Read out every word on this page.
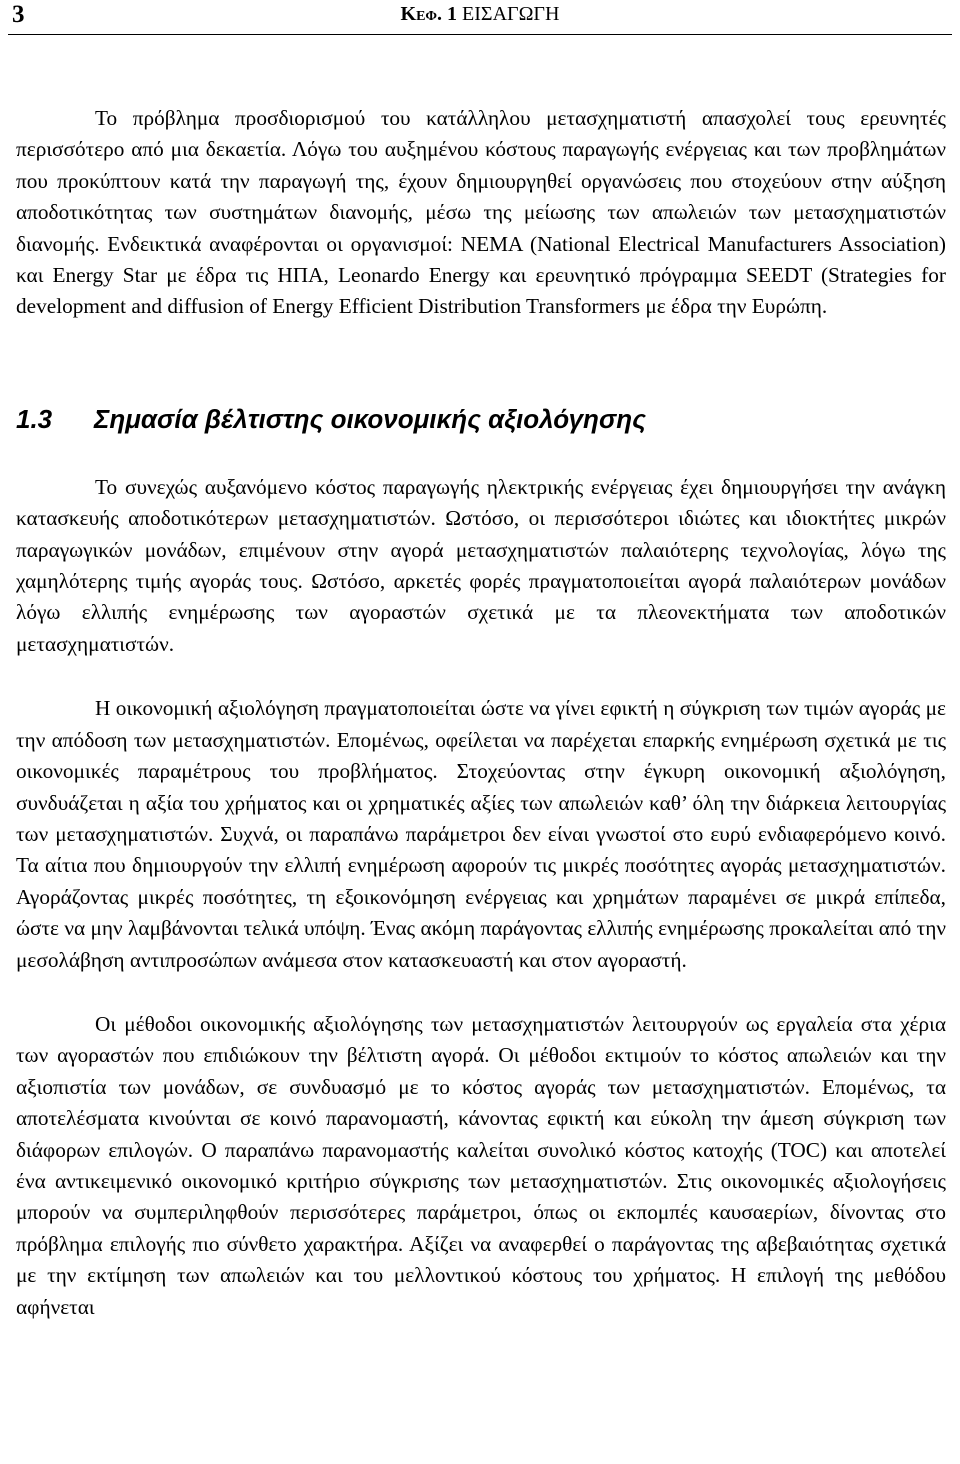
3	Κεφ. 1 ΕΙΣΑΓΩΓΗ

Το πρόβλημα προσδιορισμού του κατάλληλου μετασχηματιστή απασχολεί τους ερευνητές περισσότερο από μια δεκαετία. Λόγω του αυξημένου κόστους παραγωγής ενέργειας και των προβλημάτων που προκύπτουν κατά την παραγωγή της, έχουν δημιουργηθεί οργανώσεις που στοχεύουν στην αύξηση αποδοτικότητας των συστημάτων διανομής, μέσω της μείωσης των απωλειών των μετασχηματιστών διανομής. Ενδεικτικά αναφέρονται οι οργανισμοί: NEMA (National Electrical Manufacturers Association) και Energy Star με έδρα τις ΗΠΑ, Leonardo Energy και ερευνητικό πρόγραμμα SEEDT (Strategies for development and diffusion of Energy Efficient Distribution Transformers με έδρα την Ευρώπη.

1.3 Σημασία βέλτιστης οικονομικής αξιολόγησης

Το συνεχώς αυξανόμενο κόστος παραγωγής ηλεκτρικής ενέργειας έχει δημιουργήσει την ανάγκη κατασκευής αποδοτικότερων μετασχηματιστών. Ωστόσο, οι περισσότεροι ιδιώτες και ιδιοκτήτες μικρών παραγωγικών μονάδων, επιμένουν στην αγορά μετασχηματιστών παλαιότερης τεχνολογίας, λόγω της χαμηλότερης τιμής αγοράς τους. Ωστόσο, αρκετές φορές πραγματοποιείται αγορά παλαιότερων μονάδων λόγω ελλιπής ενημέρωσης των αγοραστών σχετικά με τα πλεονεκτήματα των αποδοτικών μετασχηματιστών.

Η οικονομική αξιολόγηση πραγματοποιείται ώστε να γίνει εφικτή η σύγκριση των τιμών αγοράς με την απόδοση των μετασχηματιστών. Επομένως, οφείλεται να παρέχεται επαρκής ενημέρωση σχετικά με τις οικονομικές παραμέτρους του προβλήματος. Στοχεύοντας στην έγκυρη οικονομική αξιολόγηση, συνδυάζεται η αξία του χρήματος και οι χρηματικές αξίες των απωλειών καθ’ όλη την διάρκεια λειτουργίας των μετασχηματιστών. Συχνά, οι παραπάνω παράμετροι δεν είναι γνωστοί στο ευρύ ενδιαφερόμενο κοινό. Τα αίτια που δημιουργούν την ελλιπή ενημέρωση αφορούν τις μικρές ποσότητες αγοράς μετασχηματιστών. Αγοράζοντας μικρές ποσότητες, τη εξοικονόμηση ενέργειας και χρημάτων παραμένει σε μικρά επίπεδα, ώστε να μην λαμβάνονται τελικά υπόψη. Ένας ακόμη παράγοντας ελλιπής ενημέρωσης προκαλείται από την μεσολάβηση αντιπροσώπων ανάμεσα στον κατασκευαστή και στον αγοραστή.

Οι μέθοδοι οικονομικής αξιολόγησης των μετασχηματιστών λειτουργούν ως εργαλεία στα χέρια των αγοραστών που επιδιώκουν την βέλτιστη αγορά. Οι μέθοδοι εκτιμούν το κόστος απωλειών και την αξιοπιστία των μονάδων, σε συνδυασμό με το κόστος αγοράς των μετασχηματιστών. Επομένως, τα αποτελέσματα κινούνται σε κοινό παρανομαστή, κάνοντας εφικτή και εύκολη την άμεση σύγκριση των διάφορων επιλογών. Ο παραπάνω παρανομαστής καλείται συνολικό κόστος κατοχής (TOC) και αποτελεί ένα αντικειμενικό οικονομικό κριτήριο σύγκρισης των μετασχηματιστών. Στις οικονομικές αξιολογήσεις μπορούν να συμπεριληφθούν περισσότερες παράμετροι, όπως οι εκπομπές καυσαερίων, δίνοντας στο πρόβλημα επιλογής πιο σύνθετο χαρακτήρα. Αξίζει να αναφερθεί ο παράγοντας της αβεβαιότητας σχετικά με την εκτίμηση των απωλειών και του μελλοντικού κόστους του χρήματος. Η επιλογή της μεθόδου αφήνεται
